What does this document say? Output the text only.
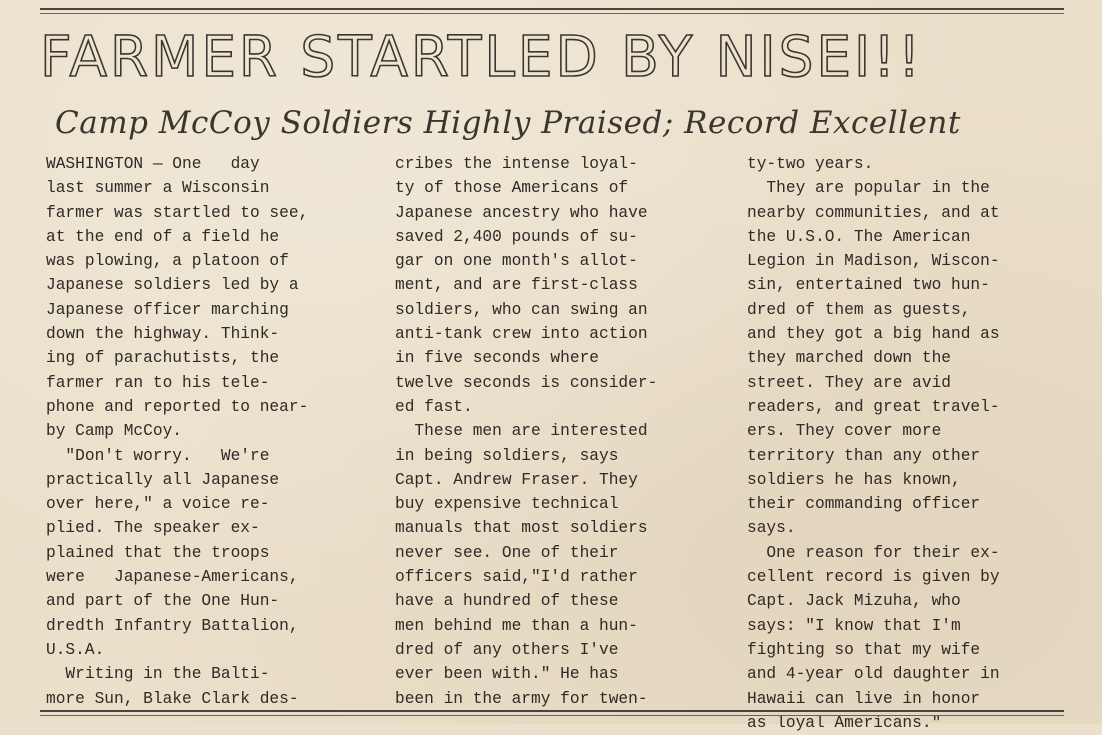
FARMER STARTLED BY NISEI!!
Camp McCoy Soldiers Highly Praised; Record Excellent
WASHINGTON — One   day
last summer a Wisconsin
farmer was startled to see,
at the end of a field he
was plowing, a platoon of
Japanese soldiers led by a
Japanese officer marching
down the highway. Think-
ing of parachutists, the
farmer ran to his tele-
phone and reported to near-
by Camp McCoy.
"Don't worry.   We're
practically all Japanese
over here," a voice re-
plied. The speaker ex-
plained that the troops
were   Japanese-Americans,
and part of the One Hun-
dredth Infantry Battalion,
U.S.A.
Writing in the Balti-
more Sun, Blake Clark des-
cribes the intense loyal-
ty of those Americans of
Japanese ancestry who have
saved 2,400 pounds of su-
gar on one month's allot-
ment, and are first-class
soldiers, who can swing an
anti-tank crew into action
in five seconds where
twelve seconds is consider-
ed fast.
These men are interested
in being soldiers, says
Capt. Andrew Fraser. They
buy expensive technical
manuals that most soldiers
never see. One of their
officers said,"I'd rather
have a hundred of these
men behind me than a hun-
dred of any others I've
ever been with." He has
been in the army for twen-
ty-two years.
They are popular in the
nearby communities, and at
the U.S.O. The American
Legion in Madison, Wiscon-
sin, entertained two hun-
dred of them as guests,
and they got a big hand as
they marched down the
street. They are avid
readers, and great travel-
ers. They cover more
territory than any other
soldiers he has known,
their commanding officer
says.
One reason for their ex-
cellent record is given by
Capt. Jack Mizuha, who
says: "I know that I'm
fighting so that my wife
and 4-year old daughter in
Hawaii can live in honor
as loyal Americans."
